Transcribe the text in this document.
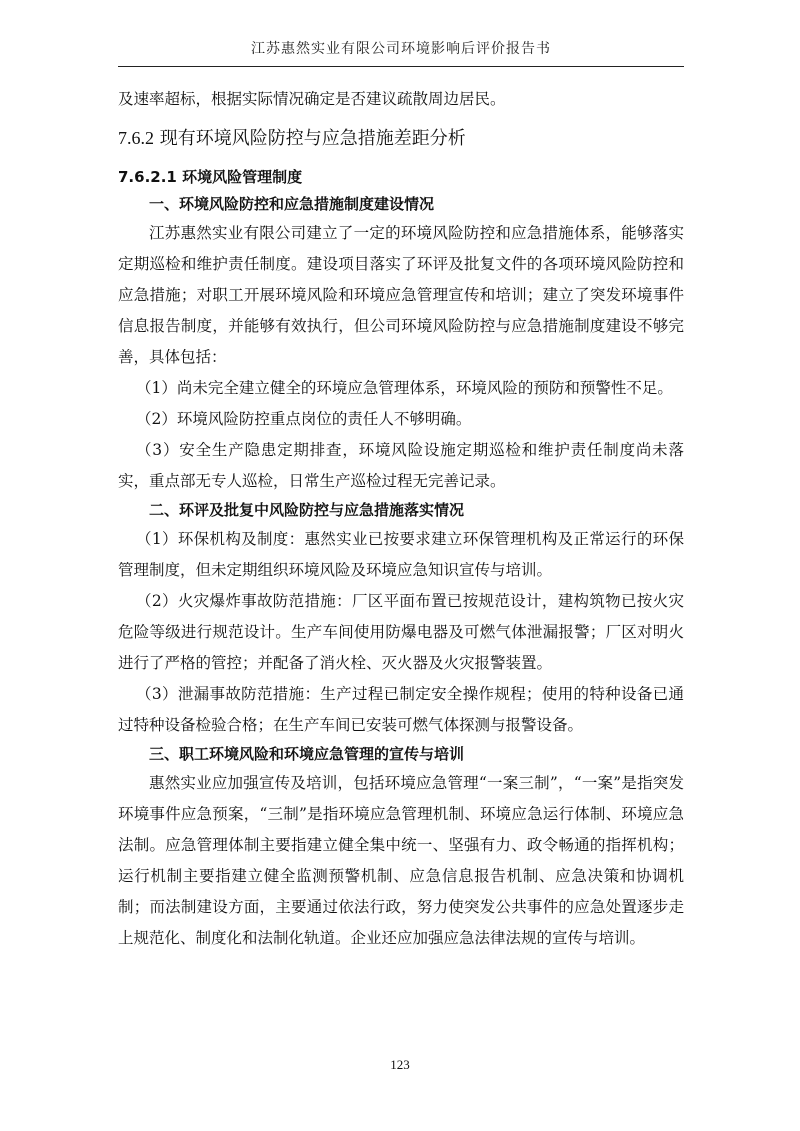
江苏惠然实业有限公司环境影响后评价报告书

及速率超标，根据实际情况确定是否建议疏散周边居民。

7.6.2 现有环境风险防控与应急措施差距分析
7.6.2.1 环境风险管理制度
一、环境风险防控和应急措施制度建设情况

江苏惠然实业有限公司建立了一定的环境风险防控和应急措施体系，能够落实定期巡检和维护责任制度。建设项目落实了环评及批复文件的各项环境风险防控和应急措施；对职工开展环境风险和环境应急管理宣传和培训；建立了突发环境事件信息报告制度，并能够有效执行，但公司环境风险防控与应急措施制度建设不够完善，具体包括：

（1）尚未完全建立健全的环境应急管理体系，环境风险的预防和预警性不足。

（2）环境风险防控重点岗位的责任人不够明确。

（3）安全生产隐患定期排查，环境风险设施定期巡检和维护责任制度尚未落实，重点部无专人巡检，日常生产巡检过程无完善记录。

二、环评及批复中风险防控与应急措施落实情况

（1）环保机构及制度：惠然实业已按要求建立环保管理机构及正常运行的环保管理制度，但未定期组织环境风险及环境应急知识宣传与培训。

（2）火灾爆炸事故防范措施：厂区平面布置已按规范设计，建构筑物已按火灾危险等级进行规范设计。生产车间使用防爆电器及可燃气体泄漏报警；厂区对明火进行了严格的管控；并配备了消火栓、灭火器及火灾报警装置。

（3）泄漏事故防范措施：生产过程已制定安全操作规程；使用的特种设备已通过特种设备检验合格；在生产车间已安装可燃气体探测与报警设备。

三、职工环境风险和环境应急管理的宣传与培训

惠然实业应加强宣传及培训，包括环境应急管理“一案三制”，“一案”是指突发环境事件应急预案，“三制”是指环境应急管理机制、环境应急运行体制、环境应急法制。应急管理体制主要指建立健全集中统一、坚强有力、政令畅通的指挥机构；运行机制主要指建立健全监测预警机制、应急信息报告机制、应急决策和协调机制；而法制建设方面，主要通过依法行政，努力使突发公共事件的应急处置逐步走上规范化、制度化和法制化轨道。企业还应加强应急法律法规的宣传与培训。

123
